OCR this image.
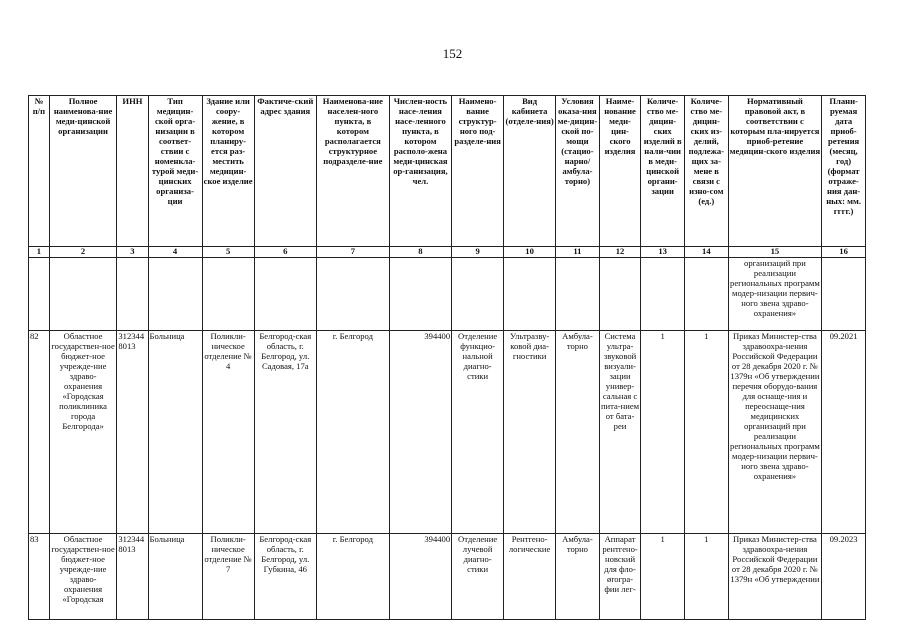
152
№ п/п	Полное наименова-ние меди-цинской организации	ИНН	Тип медицин-ской орга-низации в соответ-ствии с номенкла-турой меди-цинских организа-ции	Здание или соору-жение, в котором планиру-ется раз-местить медицин-ское изделие	Фактиче-ский адрес здания	Наименова-ние населен-ного пункта, в котором располагается структурное подразделе-ние	Числен-ность насе-ления насе-ленного пункта, в котором располо-жена меди-цинская ор-ганизация, чел.	Наимено-вание структур-ного под-разделе-ния	Вид кабинета (отделе-ния)	Условия оказа-ния ме-дицин-ской по-мощи (стацио-нарно/ амбула-торно)	Наиме-нование меди-цин-ского изделия	Количе-ство ме-дицин-ских изделий в нали-чии в меди-цинской органи-зации	Количе-ство ме-дицин-ских из-делий, подлежа-щих за-мене в связи с изно-сом (ед.)	Нормативный правовой акт, в соответствии с которым пла-нируется приоб-ретение медицин-ского изделия	Плани-руемая дата приоб-ретения (месяц, год) (формат отраже-ния дан-ных: мм. гггг.)
1	2	3	4	5	6	7	8	9	10	11	12	13	14	15	16
														организаций при реализации региональных программ модер-низации первич-ного звена здраво-охранения»	
82	Областное государствен-ное бюджет-ное учрежде-ние здраво-охранения «Городская поликлиника города Белгорода»	312344 8013	Больница	Поликли-ническое отделение № 4	Белгород-ская область, г. Белгород, ул. Садовая, 17а	г. Белгород	394400	Отделение функцио-нальной диагно-стики	Ультразву-ковой диа-гностики	Амбула-торно	Система ультра-звуковой визуали-зации универ-сальная с пита-нием от бата-реи	1	1	Приказ Министер-ства здравоохра-нения Российской Федерации от 28 декабря 2020 г. № 1379н «Об утверждении перечня оборудо-вания для оснаще-ния и переоснаще-ния медицинских организаций при реализации региональных программ модер-низации первич-ного звена здраво-охранения»	09.2021
83	Областное государствен-ное бюджет-ное учрежде-ние здраво-охранения «Городская	312344 8013	Больница	Поликли-ническое отделение № 7	Белгород-ская область, г. Белгород, ул. Губкина, 46	г. Белгород	394400	Отделение лучевой диагно-стики	Рентгено-логические	Амбула-торно	Аппарат рентгено-новский для фло-ørогра-фии лег-	1	1	Приказ Министер-ства здравоохра-нения Российской Федерации от 28 декабря 2020 г. № 1379н «Об утверждении	09.2023
